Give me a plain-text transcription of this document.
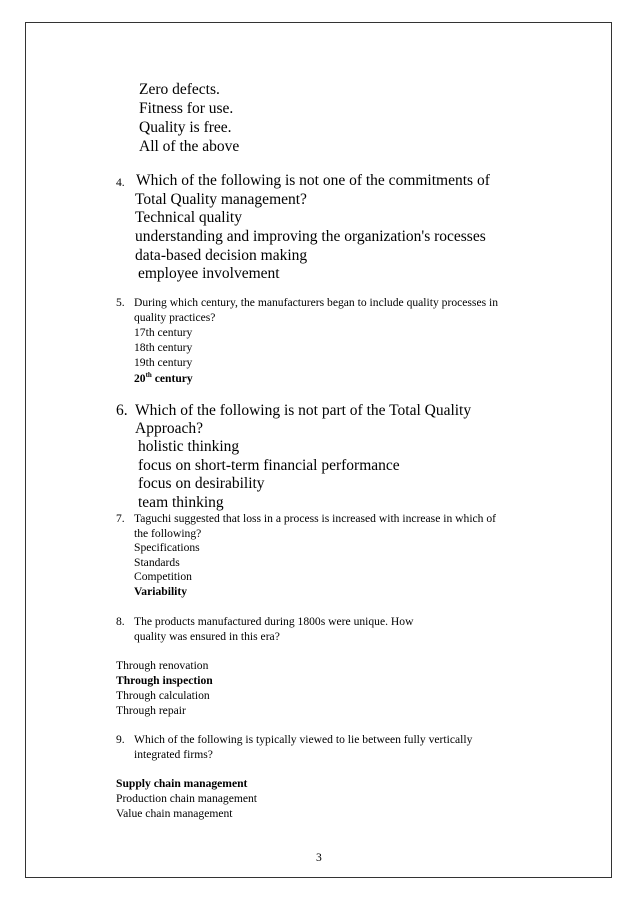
Zero defects.
Fitness for use.
Quality is free.
All of the above
4. Which of the following is not one of the commitments of
Total Quality management?
Technical quality
understanding and improving the organization's rocesses
data-based decision making
employee involvement
5. During which century, the manufacturers began to include quality processes in
quality practices?
17th century
18th century
19th century
20th century
6. Which of the following is not part of the Total Quality
Approach?
holistic thinking
focus on short-term financial performance
focus on desirability
team thinking
7. Taguchi suggested that loss in a process is increased with increase in which of
the following?
Specifications
Standards
Competition
Variability
8. The products manufactured during 1800s were unique. How
quality was ensured in this era?
Through renovation
Through inspection
Through calculation
Through repair
9. Which of the following is typically viewed to lie between fully vertically
integrated firms?
Supply chain management
Production chain management
Value chain management
3
